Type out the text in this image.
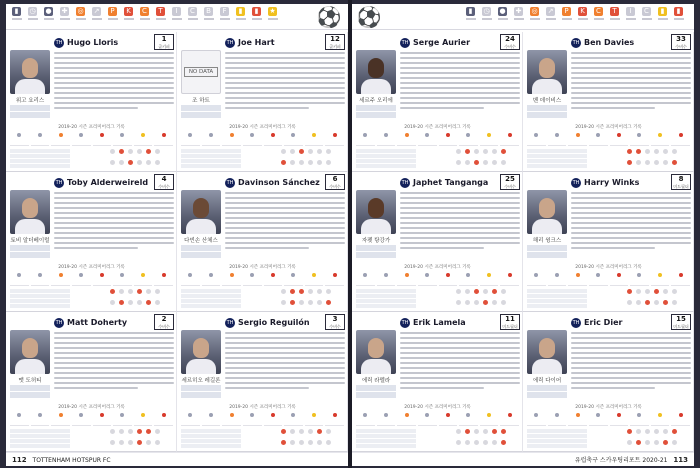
▮	◷ ● ✚ ◎ ↗	P	K	C	T	I	C B	F	▮	▮	★ ⚽
TH Hugo Lloris	1
골키퍼
위고 요리스
2019-20 시즌 프리미어리그 기록
NO DATA
TH Joe Hart	12
골키퍼
조 하트
2019-20 시즌 프리미어리그 기록
TH Toby Alderweireld	4
수비수
토비 알더베이럴
2019-20 시즌 프리미어리그 기록
TH Davinson Sánchez	6
수비수
다빈손 산체스
2019-20 시즌 프리미어리그 기록
TH Matt Doherty	2
수비수
맷 도허티
2019-20 시즌 프리미어리그 기록
TH Sergio Reguilón	3
수비수
세르히오 레길론
2019-20 시즌 프리미어리그 기록
112 TOTTENHAM HOTSPUR FC
⚽	▮	◷ ● ✚ ◎ ↗	P	K	C	T	I	C	▮	▮
TH Serge Aurier	24
수비수
세르주 오리에
2019-20 시즌 프리미어리그 기록
TH Ben Davies	33
수비수
벤 데이비스
2019-20 시즌 프리미어리그 기록
TH Japhet Tanganga	25
수비수
자펫 탕강가
2019-20 시즌 프리미어리그 기록
TH Harry Winks	8
미드필더
해리 윙크스
2019-20 시즌 프리미어리그 기록
TH Erik Lamela	11
미드필더
에릭 라멜라
2019-20 시즌 프리미어리그 기록
TH Eric Dier	15
미드필더
에릭 다이어
2019-20 시즌 프리미어리그 기록
유럽축구 스카우팅리포트 2020-21 113
